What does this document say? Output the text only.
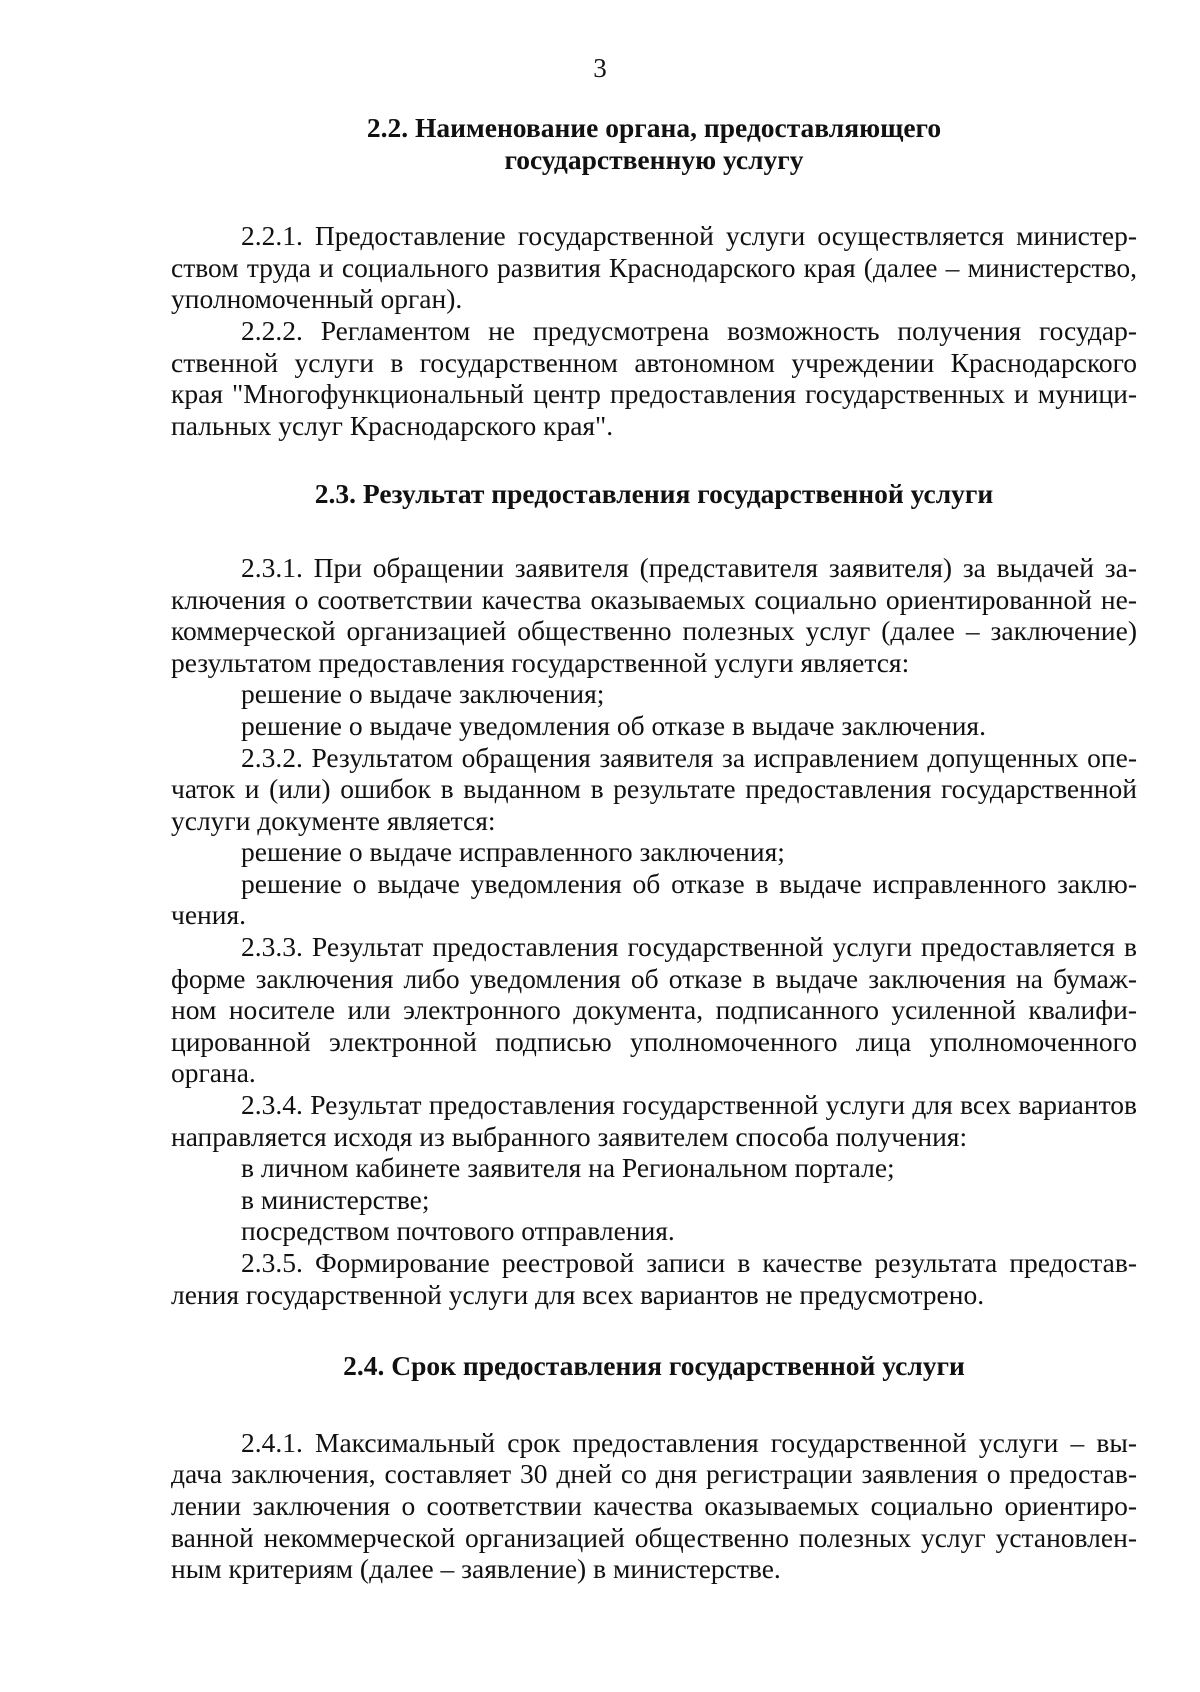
3
2.2. Наименование органа, предоставляющего
государственную услугу

2.2.1. Предоставление государственной услуги осуществляется министерством труда и социального развития Краснодарского края (далее – министерство, уполномоченный орган).

2.2.2. Регламентом не предусмотрена возможность получения государственной услуги в государственном автономном учреждении Краснодарского края "Многофункциональный центр предоставления государственных и муниципальных услуг Краснодарского края".

2.3. Результат предоставления государственной услуги

2.3.1. При обращении заявителя (представителя заявителя) за выдачей заключения о соответствии качества оказываемых социально ориентированной некоммерческой организацией общественно полезных услуг (далее – заключение) результатом предоставления государственной услуги является:

решение о выдаче заключения;

решение о выдаче уведомления об отказе в выдаче заключения.

2.3.2. Результатом обращения заявителя за исправлением допущенных опечаток и (или) ошибок в выданном в результате предоставления государственной услуги документе является:

решение о выдаче исправленного заключения;

решение о выдаче уведомления об отказе в выдаче исправленного заключения.

2.3.3. Результат предоставления государственной услуги предоставляется в форме заключения либо уведомления об отказе в выдаче заключения на бумажном носителе или электронного документа, подписанного усиленной квалифицированной электронной подписью уполномоченного лица уполномоченного органа.

2.3.4. Результат предоставления государственной услуги для всех вариантов направляется исходя из выбранного заявителем способа получения:

в личном кабинете заявителя на Региональном портале;

в министерстве;

посредством почтового отправления.

2.3.5. Формирование реестровой записи в качестве результата предоставления государственной услуги для всех вариантов не предусмотрено.

2.4. Срок предоставления государственной услуги

2.4.1. Максимальный срок предоставления государственной услуги – выдача заключения, составляет 30 дней со дня регистрации заявления о предоставлении заключения о соответствии качества оказываемых социально ориентированной некоммерческой организацией общественно полезных услуг установленным критериям (далее – заявление) в министерстве.
